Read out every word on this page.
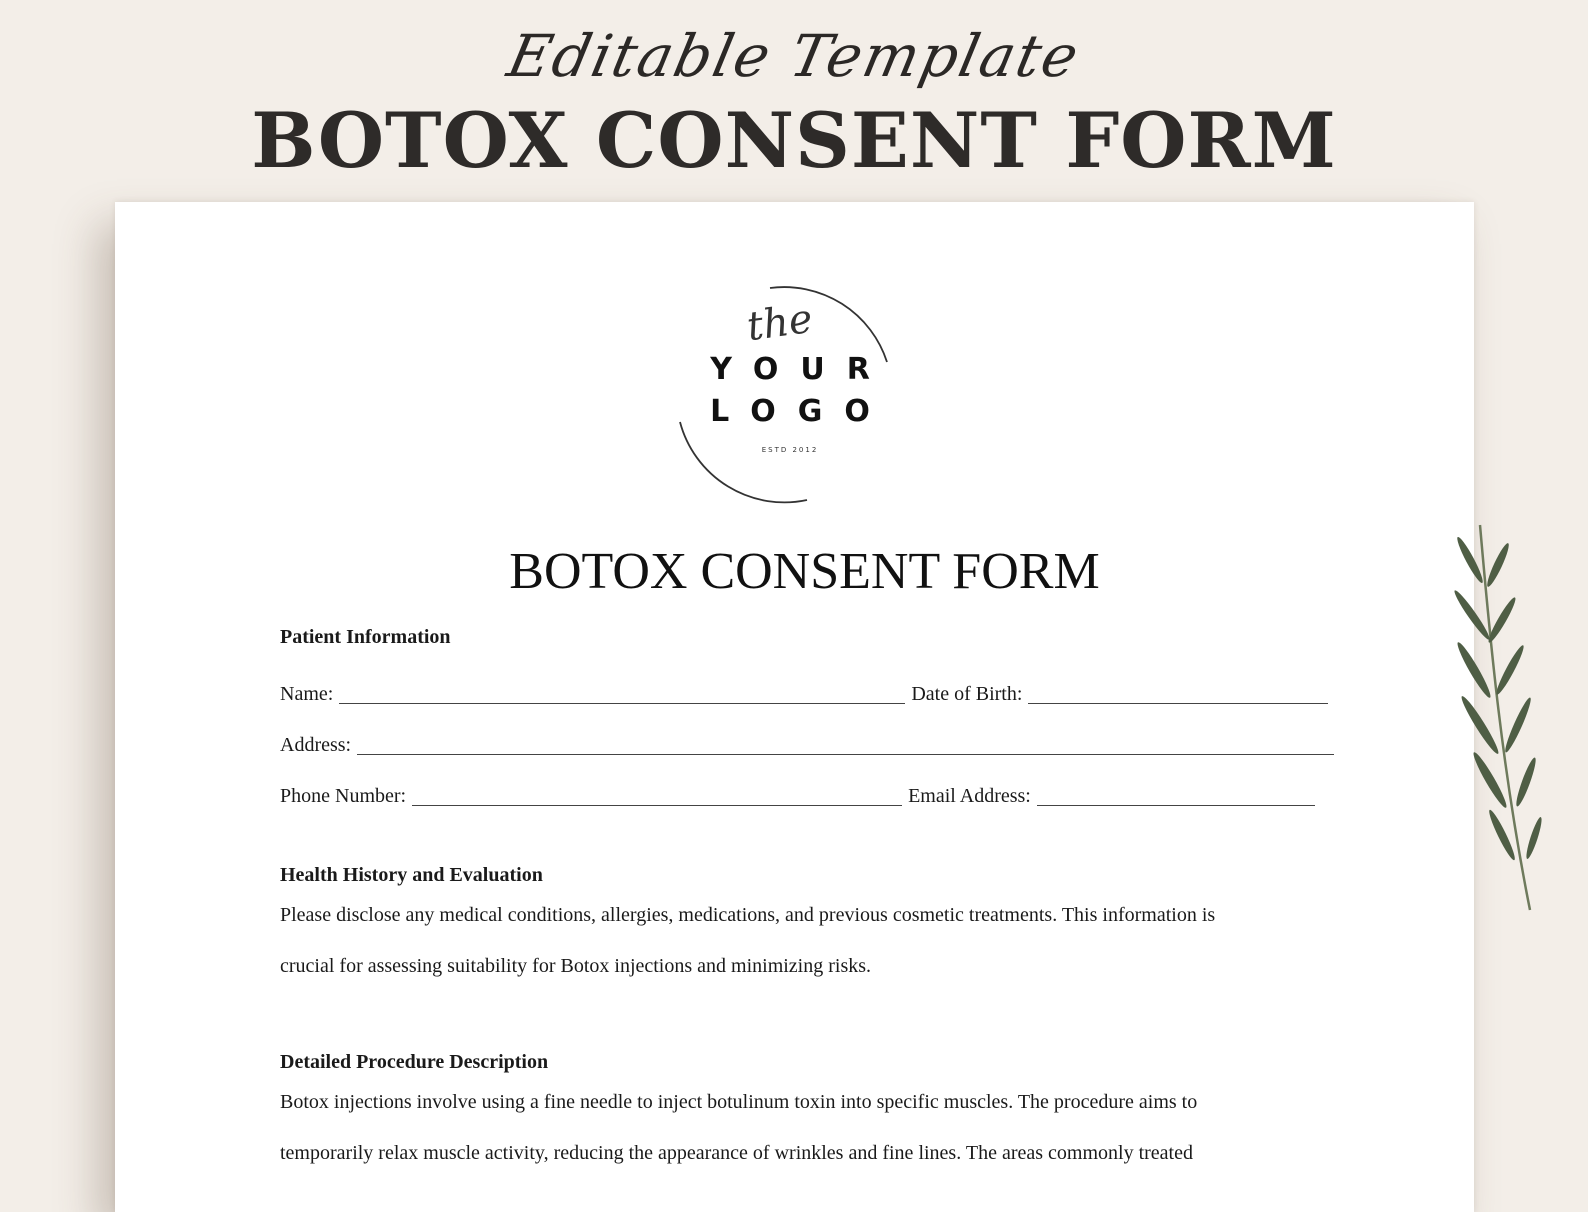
Editable Template
BOTOX CONSENT FORM
the
YOUR
LOGO
ESTD 2012
BOTOX CONSENT FORM
Patient Information
Name:	Date of Birth:
Address:
Phone Number:	Email Address:
Health History and Evaluation

Please disclose any medical conditions, allergies, medications, and previous cosmetic treatments. This information is

crucial for assessing suitability for Botox injections and minimizing risks.

Detailed Procedure Description

Botox injections involve using a fine needle to inject botulinum toxin into specific muscles. The procedure aims to

temporarily relax muscle activity, reducing the appearance of wrinkles and fine lines. The areas commonly treated
